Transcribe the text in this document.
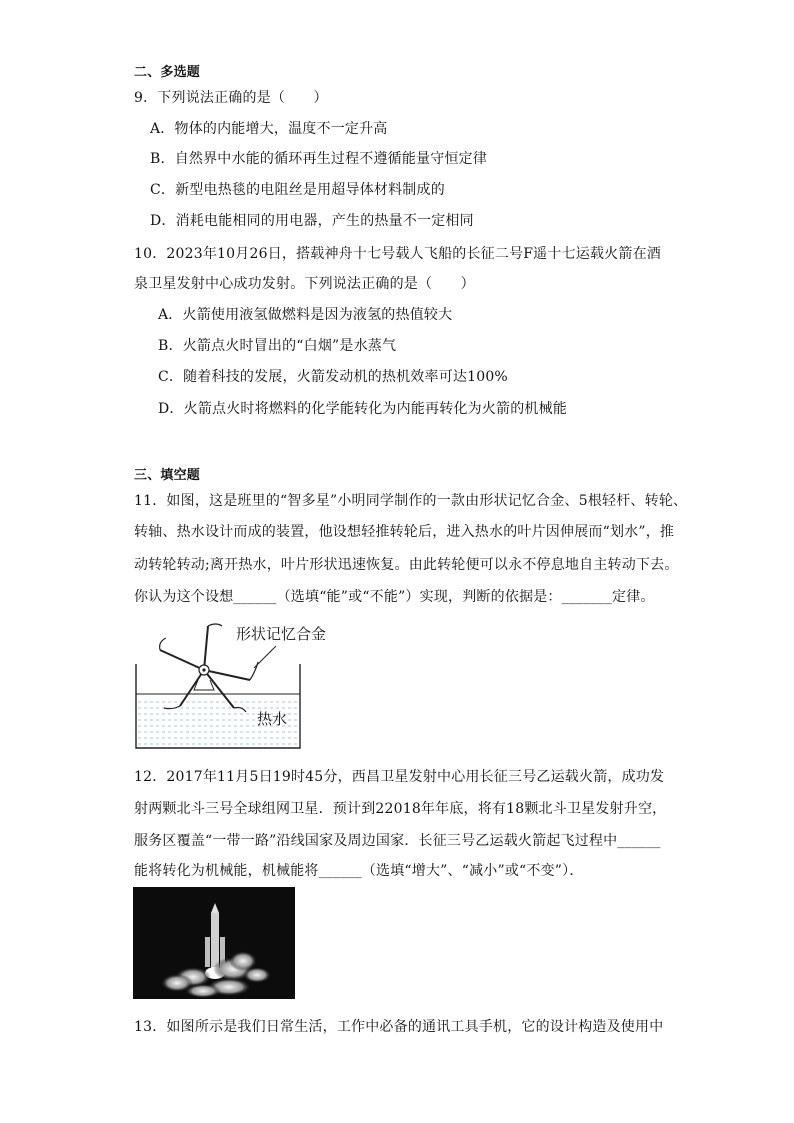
二、多选题
9．下列说法正确的是（　　）
A．物体的内能增大，温度不一定升高
B．自然界中水能的循环再生过程不遵循能量守恒定律
C．新型电热毯的电阻丝是用超导体材料制成的
D．消耗电能相同的用电器，产生的热量不一定相同
10．2023年10月26日，搭载神舟十七号载人飞船的长征二号F遥十七运载火箭在酒
泉卫星发射中心成功发射。下列说法正确的是（　　）
A．火箭使用液氢做燃料是因为液氢的热值较大
B．火箭点火时冒出的“白烟”是水蒸气
C．随着科技的发展，火箭发动机的热机效率可达100%
D．火箭点火时将燃料的化学能转化为内能再转化为火箭的机械能
三、填空题
11．如图，这是班里的“智多星”小明同学制作的一款由形状记忆合金、5根轻杆、转轮、
转轴、热水设计而成的装置，他设想轻推转轮后，进入热水的叶片因伸展而“划水”，推
动转轮转动;离开热水，叶片形状迅速恢复。由此转轮便可以永不停息地自主转动下去。
你认为这个设想______（选填“能”或“不能”）实现，判断的依据是：_______定律。
形状记忆合金
热水
12．2017年11月5日19时45分，西昌卫星发射中心用长征三号乙运载火箭，成功发
射两颗北斗三号全球组网卫星．预计到22018年年底，将有18颗北斗卫星发射升空，
服务区覆盖“一带一路”沿线国家及周边国家．长征三号乙运载火箭起飞过程中______
能将转化为机械能，机械能将______（选填“增大”、“减小”或“不变”）．
13．如图所示是我们日常生活，工作中必备的通讯工具手机，它的设计构造及使用中
